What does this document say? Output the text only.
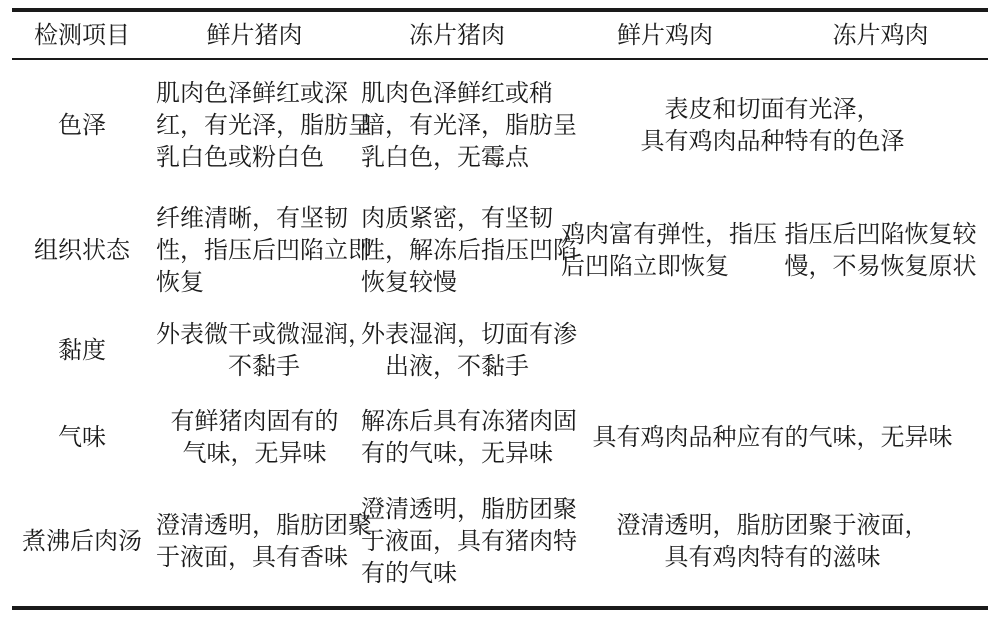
检测项目	鲜片猪肉	冻片猪肉	鲜片鸡肉	冻片鸡肉

色泽	肌肉色泽鲜红或深
红，有光泽，脂肪呈
乳白色或粉白色	肌肉色泽鲜红或稍
暗，有光泽，脂肪呈
乳白色，无霉点	表皮和切面有光泽，
具有鸡肉品种特有的色泽	

组织状态	纤维清晰，有坚韧
性，指压后凹陷立即
恢复	肉质紧密，有坚韧
性，解冻后指压凹陷
恢复较慢	鸡肉富有弹性，指压
后凹陷立即恢复	指压后凹陷恢复较
慢，不易恢复原状

黏度	外表微干或微湿润，
不黏手	外表湿润，切面有渗
出液，不黏手		

气味	有鲜猪肉固有的
气味，无异味	解冻后具有冻猪肉固
有的气味，无异味	具有鸡肉品种应有的气味，无异味	

煮沸后肉汤	澄清透明，脂肪团聚
于液面，具有香味	澄清透明，脂肪团聚
于液面，具有猪肉特
有的气味	澄清透明，脂肪团聚于液面，
具有鸡肉特有的滋味	
